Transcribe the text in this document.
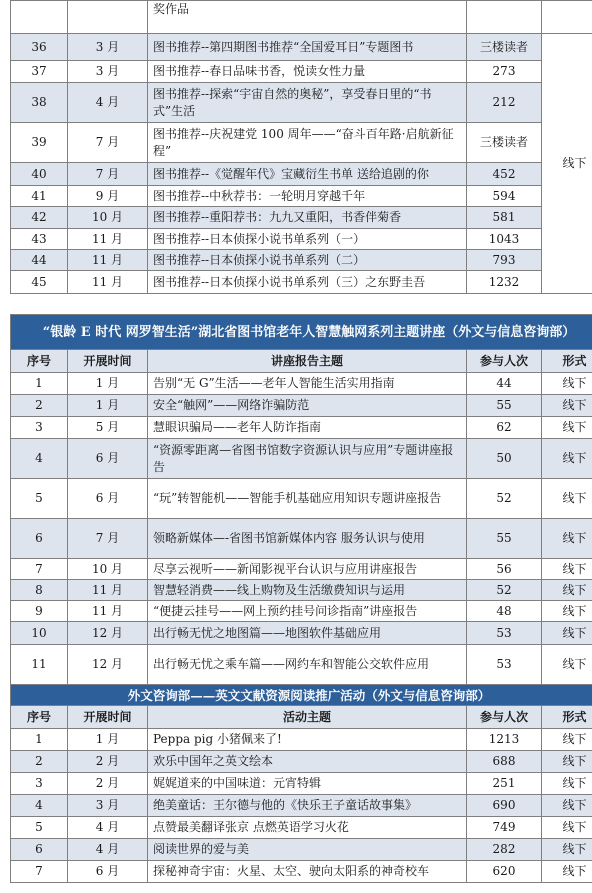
		奖作品		
36	3 月	图书推荐--第四期图书推荐“全国爱耳日”专题图书	三楼读者	线下
37	3 月	图书推荐--春日品味书香，悦读女性力量	273	
38	4 月	图书推荐--探索“宇宙自然的奥秘”，享受春日里的“书式”生活	212	
39	7 月	图书推荐--庆祝建党 100 周年——“奋斗百年路·启航新征程”	三楼读者	
40	7 月	图书推荐--《觉醒年代》宝藏衍生书单 送给追剧的你	452	
41	9 月	图书推荐--中秋荐书：一轮明月穿越千年	594	
42	10 月	图书推荐--重阳荐书：九九又重阳，书香伴菊香	581	
43	11 月	图书推荐--日本侦探小说书单系列（一）	1043	
44	11 月	图书推荐--日本侦探小说书单系列（二）	793	
45	11 月	图书推荐--日本侦探小说书单系列（三）之东野圭吾	1232	
“银龄 E 时代 网罗智生活”湖北省图书馆老年人智慧触网系列主题讲座（外文与信息咨询部）				
序号	开展时间	讲座报告主题	参与人次	形式
1	1 月	告别“无 G”生活——老年人智能生活实用指南	44	线下
2	1 月	安全“触网”——网络诈骗防范	55	线下
3	5 月	慧眼识骗局——老年人防诈指南	62	线下
4	6 月	“资源零距离—省图书馆数字资源认识与应用”专题讲座报告	50	线下
5	6 月	“玩”转智能机——智能手机基础应用知识专题讲座报告	52	线下
6	7 月	领略新媒体—-省图书馆新媒体内容 服务认识与使用	55	线下
7	10 月	尽享云视听——新闻影视平台认识与应用讲座报告	56	线下
8	11 月	智慧轻消费——线上购物及生活缴费知识与运用	52	线下
9	11 月	“便捷云挂号——网上预约挂号问诊指南”讲座报告	48	线下
10	12 月	出行畅无忧之地图篇——地图软件基础应用	53	线下
11	12 月	出行畅无忧之乘车篇——网约车和智能公交软件应用	53	线下
外文咨询部——英文文献资源阅读推广活动（外文与信息咨询部）				
序号	开展时间	活动主题	参与人次	形式
1	1 月	Peppa pig 小猪佩来了!	1213	线下
2	2 月	欢乐中国年之英文绘本	688	线下
3	2 月	娓娓道来的中国味道：元宵特辑	251	线下
4	3 月	绝美童话：王尔德与他的《快乐王子童话故事集》	690	线下
5	4 月	点赞最美翻译张京 点燃英语学习火花	749	线下
6	4 月	阅读世界的爱与美	282	线下
7	6 月	探秘神奇宇宙：火星、太空、驶向太阳系的神奇校车	620	线下
